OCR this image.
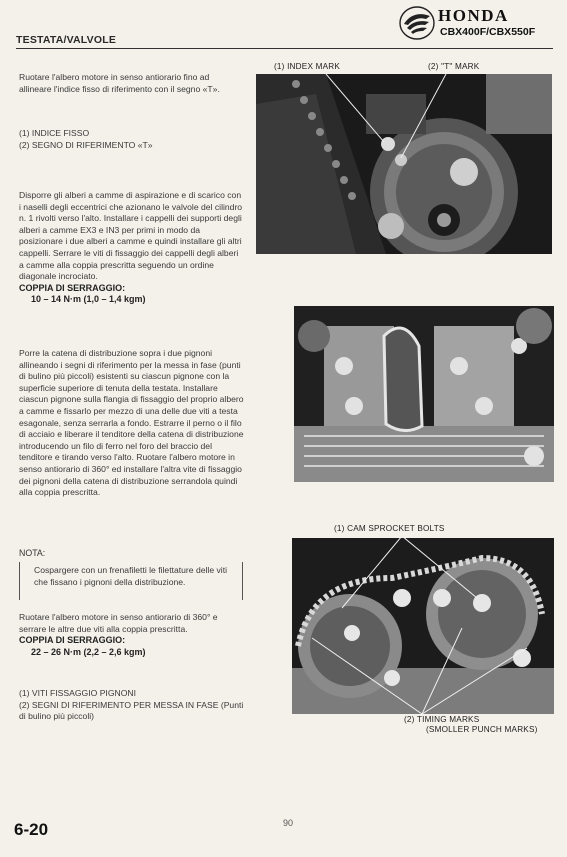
TESTATA/VALVOLE
HONDA
CBX400F/CBX550F
Ruotare l'albero motore in senso antiorario fino ad allineare l'indice fisso di riferimento con il segno «T».

(1) INDICE FISSO

(2) SEGNO DI RIFERIMENTO «T»

Disporre gli alberi a camme di aspirazione e di scarico con i naselli degli eccentrici che azionano le valvole del cilindro n. 1 rivolti verso l'alto. Installare i cappelli dei supporti degli alberi a camme EX3 e IN3 per primi in modo da posizionare i due alberi a camme e quindi installare gli altri cappelli. Serrare le viti di fissaggio dei cappelli degli alberi a camme alla coppia prescritta seguendo un ordine diagonale incrociato.

COPPIA DI SERRAGGIO:

10 – 14 N·m (1,0 – 1,4 kgm)

Porre la catena di distribuzione sopra i due pignoni allineando i segni di riferimento per la messa in fase (punti di bulino più piccoli) esistenti su ciascun pignone con la superficie superiore di tenuta della testata. Installare ciascun pignone sulla flangia di fissaggio del proprio albero a camme e fissarlo per mezzo di una delle due viti a testa esagonale, senza serrarla a fondo. Estrarre il perno o il filo di acciaio e liberare il tenditore della catena di distribuzione introducendo un filo di ferro nel foro del braccio del tenditore e tirando verso l'alto. Ruotare l'albero motore in senso antiorario di 360° ed installare l'altra vite di fissaggio dei pignoni della catena di distribuzione serrandola quindi alla coppia prescritta.
NOTA:
Cospargere con un frenafiletti le filettature delle viti che fissano i pignoni della distribuzione.

Ruotare l'albero motore in senso antiorario di 360° e serrare le altre due viti alla coppia prescritta.

COPPIA DI SERRAGGIO:

22 – 26 N·m (2,2 – 2,6 kgm)

(1) VITI FISSAGGIO PIGNONI

(2) SEGNI DI RIFERIMENTO PER MESSA IN FASE (Punti di bulino più piccoli)

(1) INDEX MARK	(2) "T" MARK
(1) CAM SPROCKET BOLTS
(2) TIMING MARKS
(SMOLLER PUNCH MARKS)
90
6-20
